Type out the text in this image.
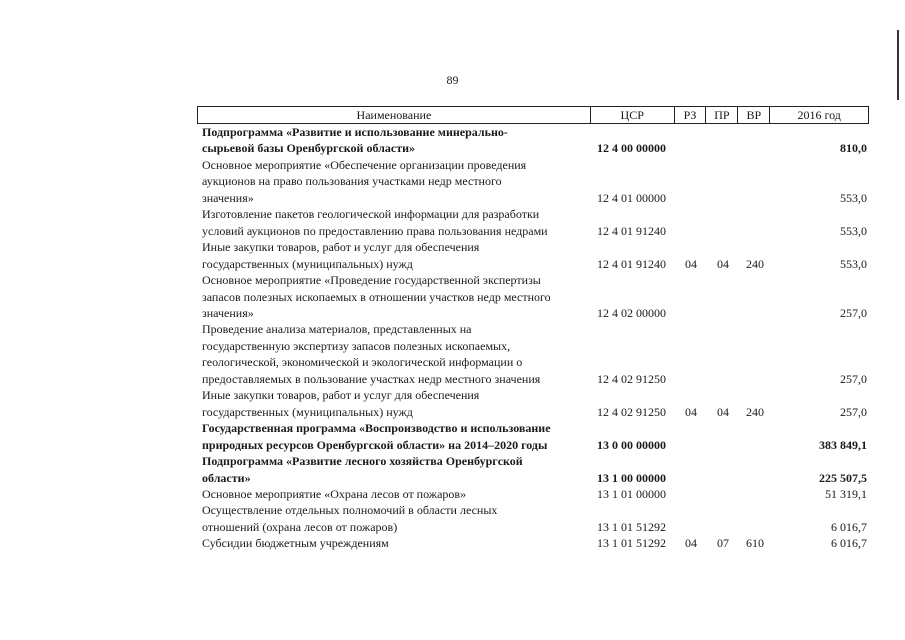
89
Наименование	ЦСР	РЗ	ПР	ВР	2016 год
Подпрограмма «Развитие и использование минерально-
сырьевой базы Оренбургской области»	12 4 00 00000	810,0
Основное мероприятие «Обеспечение организации проведения
аукционов на право пользования участками недр местного
значения»	12 4 01 00000	553,0
Изготовление пакетов геологической информации для разработки
условий аукционов по предоставлению права пользования недрами	12 4 01 91240	553,0
Иные закупки товаров, работ и услуг для обеспечения
государственных (муниципальных) нужд	12 4 01 91240	04	04	240	553,0
Основное мероприятие «Проведение государственной экспертизы
запасов полезных ископаемых в отношении участков недр местного
значения»	12 4 02 00000	257,0
Проведение анализа материалов, представленных на
государственную экспертизу запасов полезных ископаемых,
геологической, экономической и экологической информации о
предоставляемых в пользование участках недр местного значения	12 4 02 91250	257,0
Иные закупки товаров, работ и услуг для обеспечения
государственных (муниципальных) нужд	12 4 02 91250	04	04	240	257,0
Государственная программа «Воспроизводство и использование
природных ресурсов Оренбургской области» на 2014–2020 годы	13 0 00 00000	383 849,1
Подпрограмма «Развитие лесного хозяйства Оренбургской
области»	13 1 00 00000	225 507,5
Основное мероприятие «Охрана лесов от пожаров»	13 1 01 00000	51 319,1
Осуществление отдельных полномочий в области лесных
отношений (охрана лесов от пожаров)	13 1 01 51292	6 016,7
Субсидии бюджетным учреждениям	13 1 01 51292	04	07	610	6 016,7
